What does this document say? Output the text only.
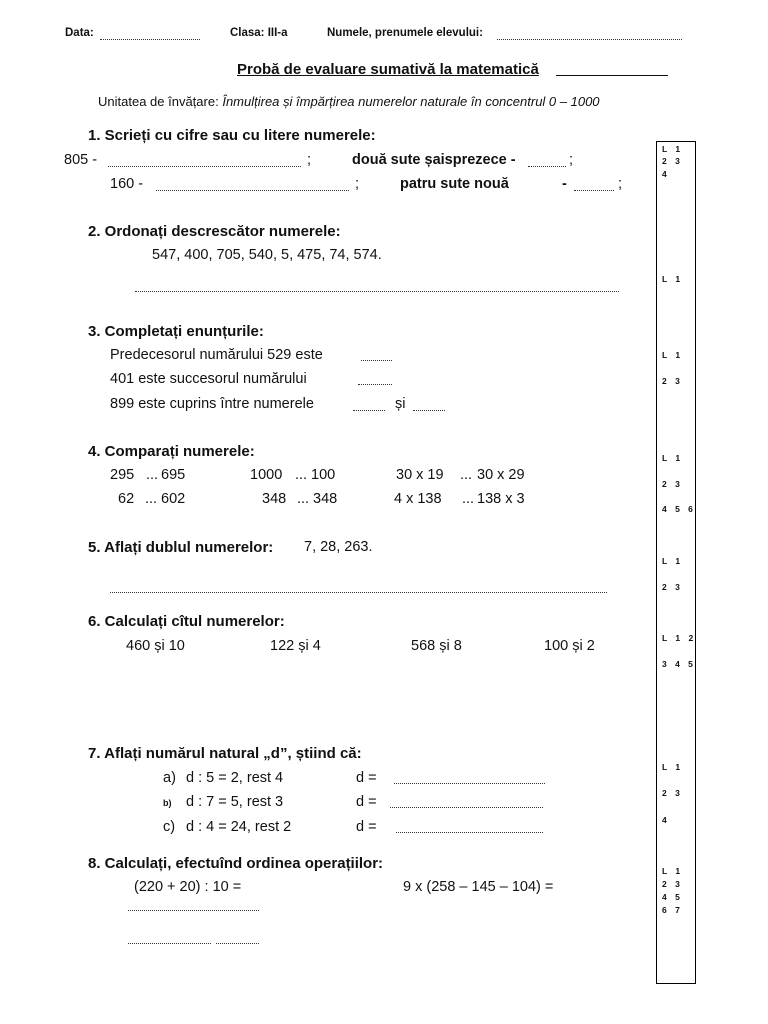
Data:	Clasa: III-a	Numele, prenumele elevului:
Probă de evaluare sumativă la matematică
Unitatea de învățare: Înmulțirea și împărțirea numerelor naturale în concentrul 0 – 1000
1. Scrieți cu cifre sau cu litere numerele:
805 -	;	două sute șaisprezece -	;
160 -	;	patru sute nouă	-	;
2. Ordonați descrescător numerele:
547, 400, 705, 540, 5, 475, 74, 574.
3. Completați enunțurile:
Predecesorul numărului 529 este
401 este succesorul numărului
899 este cuprins între numerele	și
4. Comparați numerele:
295 ... 695	1000 ... 100	30 x 19 ... 30 x 29
62 ... 602	348 ... 348	4 x 138 ... 138 x 3
5. Aflați dublul numerelor: 7, 28, 263.
6. Calculați cîtul numerelor:
460 și 10	122 și 4	568 și 8	100 și 2
7. Aflați numărul natural „d”, știind că:
a) d : 5 = 2, rest 4	d =
b) d : 7 = 5, rest 3	d =
c) d : 4 = 24, rest 2	d =
8. Calculați, efectuînd ordinea operațiilor:
(220 + 20) : 10 =	9 x (258 – 145 – 104) =
L 1
2 3
4
L 1
L 1
2 3
L 1
2 3
4 5 6
L 1
2 3
L 1 2
3 4 5
L 1
2 3
4
L 1
2 3
4 5
6 7
